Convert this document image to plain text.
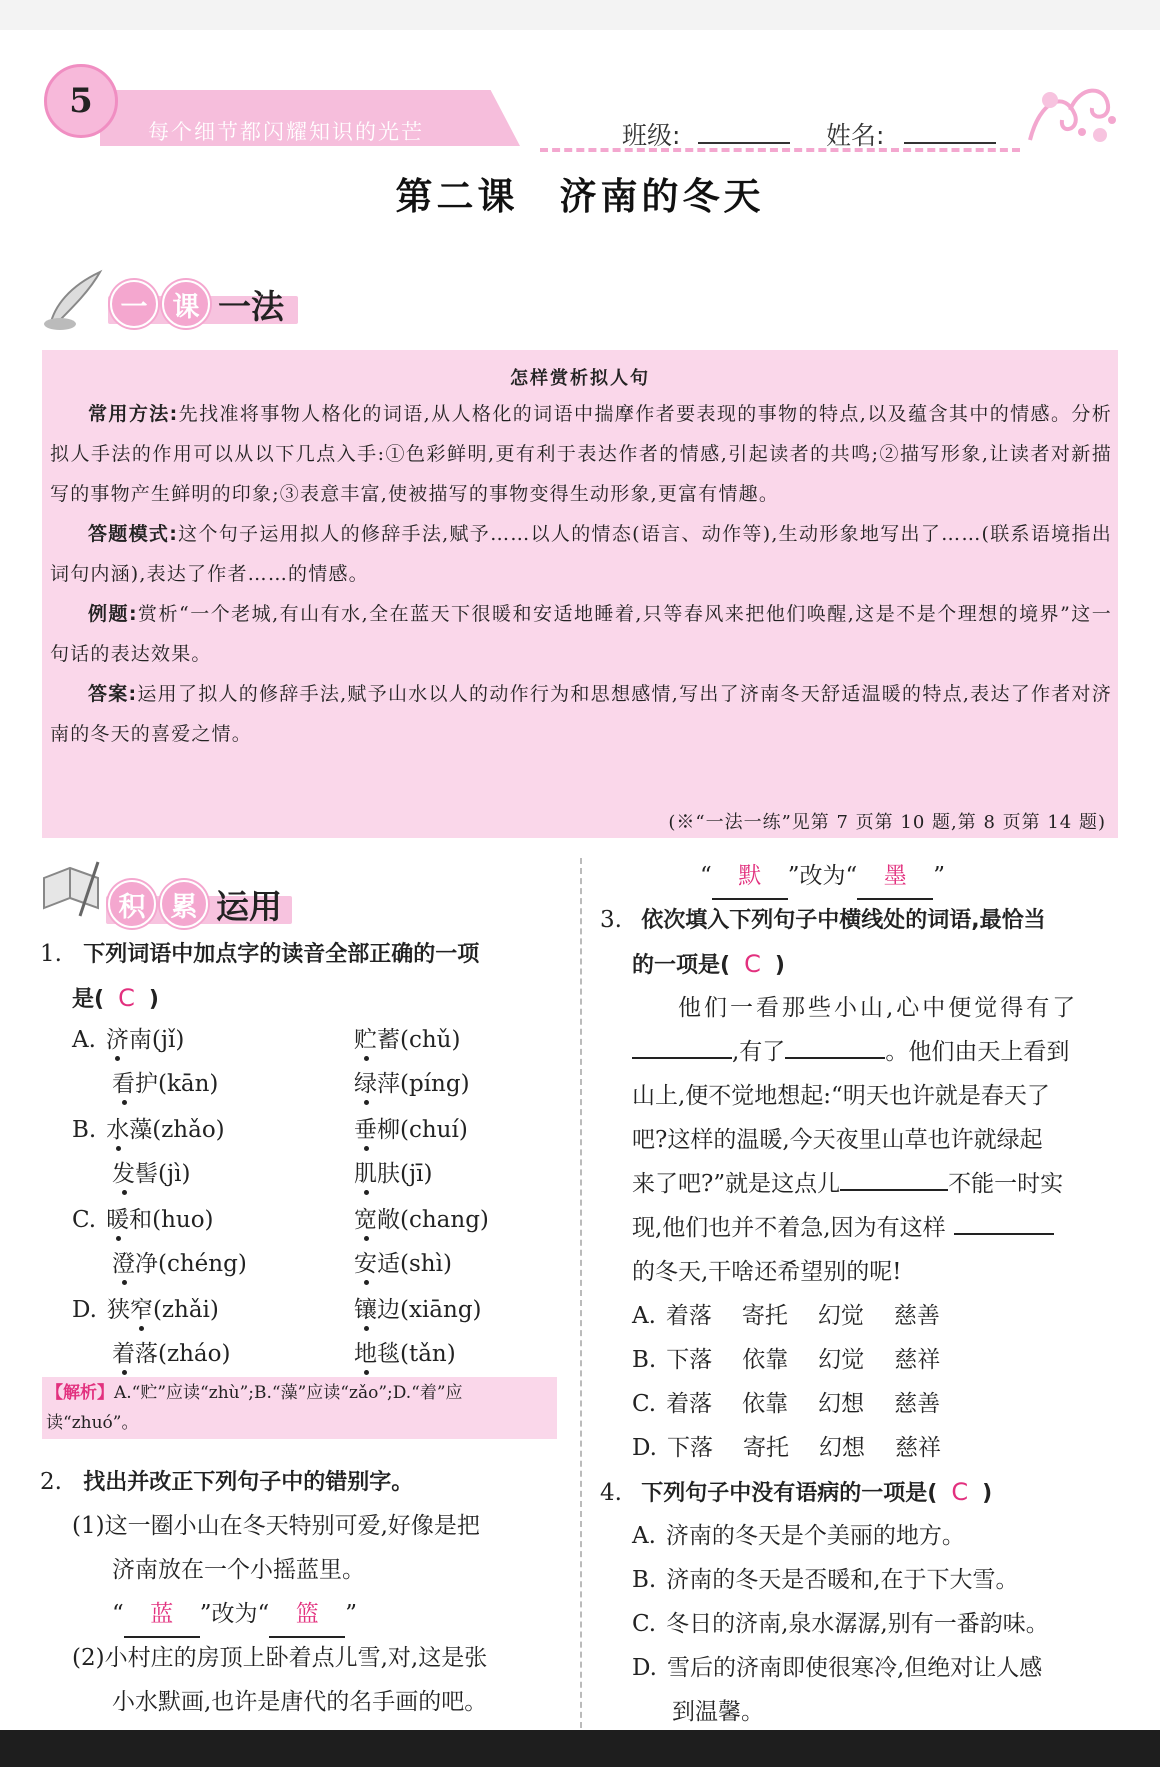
5
每个细节都闪耀知识的光芒	班级:	姓名:
第二课　济南的冬天
一 课 一法
怎样赏析拟人句

常用方法:先找准将事物人格化的词语,从人格化的词语中揣摩作者要表现的事物的特点,以及蕴含其中的情感。分析拟人手法的作用可以从以下几点入手:①色彩鲜明,更有利于表达作者的情感,引起读者的共鸣;②描写形象,让读者对新描写的事物产生鲜明的印象;③表意丰富,使被描写的事物变得生动形象,更富有情趣。

答题模式:这个句子运用拟人的修辞手法,赋予……以人的情态(语言、动作等),生动形象地写出了……(联系语境指出词句内涵),表达了作者……的情感。

例题:赏析“一个老城,有山有水,全在蓝天下很暖和安适地睡着,只等春风来把他们唤醒,这是不是个理想的境界”这一句话的表达效果。

答案:运用了拟人的修辞手法,赋予山水以人的动作行为和思想感情,写出了济南冬天舒适温暖的特点,表达了作者对济南的冬天的喜爱之情。

(※“一法一练”见第 7 页第 10 题,第 8 页第 14 题)
积 累 运用
1. 下列词语中加点字的读音全部正确的一项
是( C )
【解析】A.“贮”应读“zhù”;B.“藻”应读“zǎo”;D.“着”应读“zhuó”。
2. 找出并改正下列句子中的错别字。
(1)这一圈小山在冬天特别可爱,好像是把
济南放在一个小摇蓝里。
“ 蓝 ”改为“ 篮 ”
(2)小村庄的房顶上卧着点儿雪,对,这是张
小水默画,也许是唐代的名手画的吧。
“ 默 ”改为“ 墨 ”
3. 依次填入下列句子中横线处的词语,最恰当
的一项是( C )
他们一看那些小山,心中便觉得有了
,有了	。他们由天上看到
山上,便不觉地想起:“明天也许就是春天了
吧?这样的温暖,今天夜里山草也许就绿起
来了吧?”就是这点儿	不能一时实
现,他们也并不着急,因为有这样
的冬天,干啥还希望别的呢!
4. 下列句子中没有语病的一项是( C )
到温馨。
A. 济南(jǐ)	贮蓄(chǔ)
看护(kān)	绿萍(píng)
B. 水藻(zhǎo)	垂柳(chuí)
发髻(jì)	肌肤(jī)
C. 暖和(huo)	宽敞(chang)
澄净(chéng)	安适(shì)
D. 狭窄(zhǎi)	镶边(xiāng)
着落(zháo)	地毯(tǎn)
A. 着落 寄托 幻觉 慈善
B. 下落 依靠 幻觉 慈祥
C. 着落 依靠 幻想 慈善
D. 下落 寄托 幻想 慈祥
A. 济南的冬天是个美丽的地方。
B. 济南的冬天是否暖和,在于下大雪。
C. 冬日的济南,泉水潺潺,别有一番韵味。
D. 雪后的济南即使很寒冷,但绝对让人感
